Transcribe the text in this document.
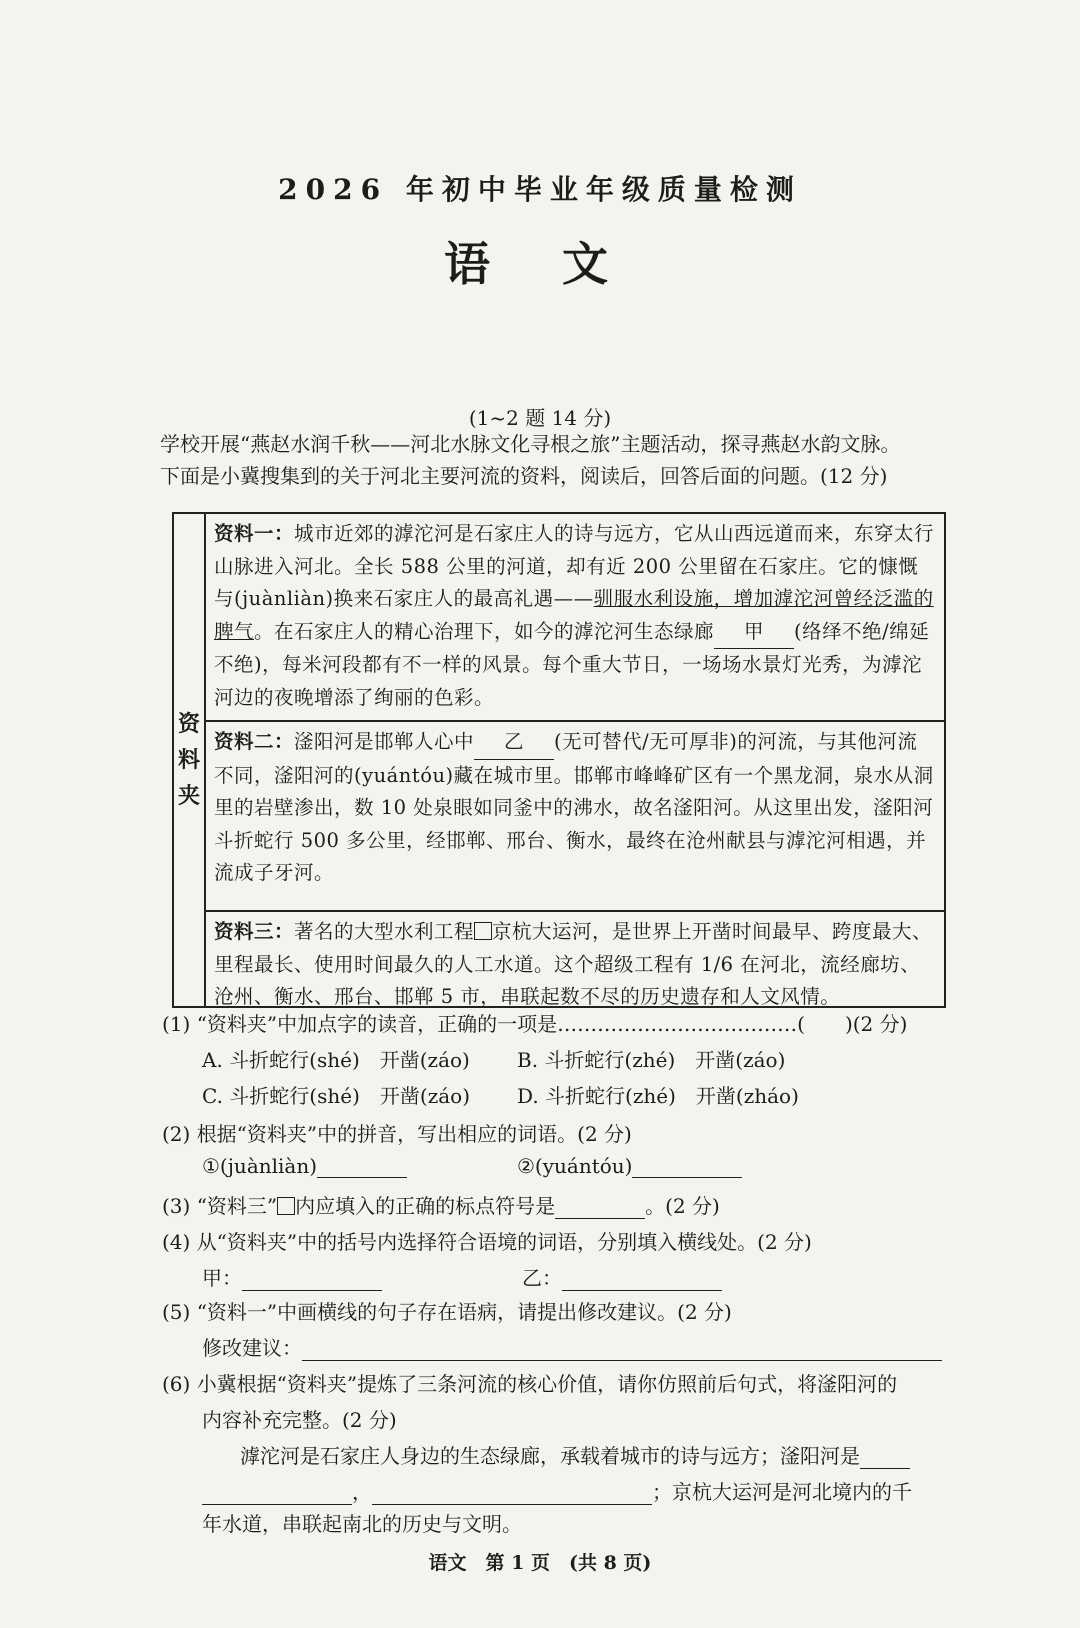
2026 年初中毕业年级质量检测
语 文
(1~2 题 14 分)

学校开展“燕赵水润千秋——河北水脉文化寻根之旅”主题活动，探寻燕赵水韵文脉。

下面是小冀搜集到的关于河北主要河流的资料，阅读后，回答后面的问题。(12 分)

资
料
夹
资料一：城市近郊的滹沱河是石家庄人的诗与远方，它从山西远道而来，东穿太行山脉进入河北。全长 588 公里的河道，却有近 200 公里留在石家庄。它的慷慨与(juànliàn)换来石家庄人的最高礼遇——驯服水利设施，增加滹沱河曾经泛滥的脾气。在石家庄人的精心治理下，如今的滹沱河生态绿廊 甲 (络绎不绝/绵延不绝)，每米河段都有不一样的风景。每个重大节日，一场场水景灯光秀，为滹沱河边的夜晚增添了绚丽的色彩。
资料二：滏阳河是邯郸人心中 乙 (无可替代/无可厚非)的河流，与其他河流不同，滏阳河的(yuántóu)藏在城市里。邯郸市峰峰矿区有一个黑龙洞，泉水从洞里的岩壁渗出，数 10 处泉眼如同釜中的沸水，故名滏阳河。从这里出发，滏阳河斗折蛇行 500 多公里，经邯郸、邢台、衡水，最终在沧州献县与滹沱河相遇，并流成子牙河。
资料三：著名的大型水利工程 京杭大运河，是世界上开凿时间最早、跨度最大、里程最长、使用时间最久的人工水道。这个超级工程有 1/6 在河北，流经廊坊、沧州、衡水、邢台、邯郸 5 市，串联起数不尽的历史遗存和人文风情。
(1) “资料夹”中加点字的读音，正确的一项是………………………………(　　)(2 分)
A. 斗折蛇行(shé)　开凿(záo) B. 斗折蛇行(zhé)　开凿(záo)
C. 斗折蛇行(shé)　开凿(záo) D. 斗折蛇行(zhé)　开凿(zháo)
(2) 根据“资料夹”中的拼音，写出相应的词语。(2 分)
①(juànliàn)	②(yuántóu)
(3) “资料三” 内应填入的正确的标点符号是	。(2 分)
(4) 从“资料夹”中的括号内选择符合语境的词语，分别填入横线处。(2 分)
甲：	乙：
(5) “资料一”中画横线的句子存在语病，请提出修改建议。(2 分)
修改建议：
(6) 小冀根据“资料夹”提炼了三条河流的核心价值，请你仿照前后句式，将滏阳河的
内容补充完整。(2 分)
滹沱河是石家庄人身边的生态绿廊，承载着城市的诗与远方；滏阳河是
，	；京杭大运河是河北境内的千
年水道，串联起南北的历史与文明。
语文　第 1 页　(共 8 页)
